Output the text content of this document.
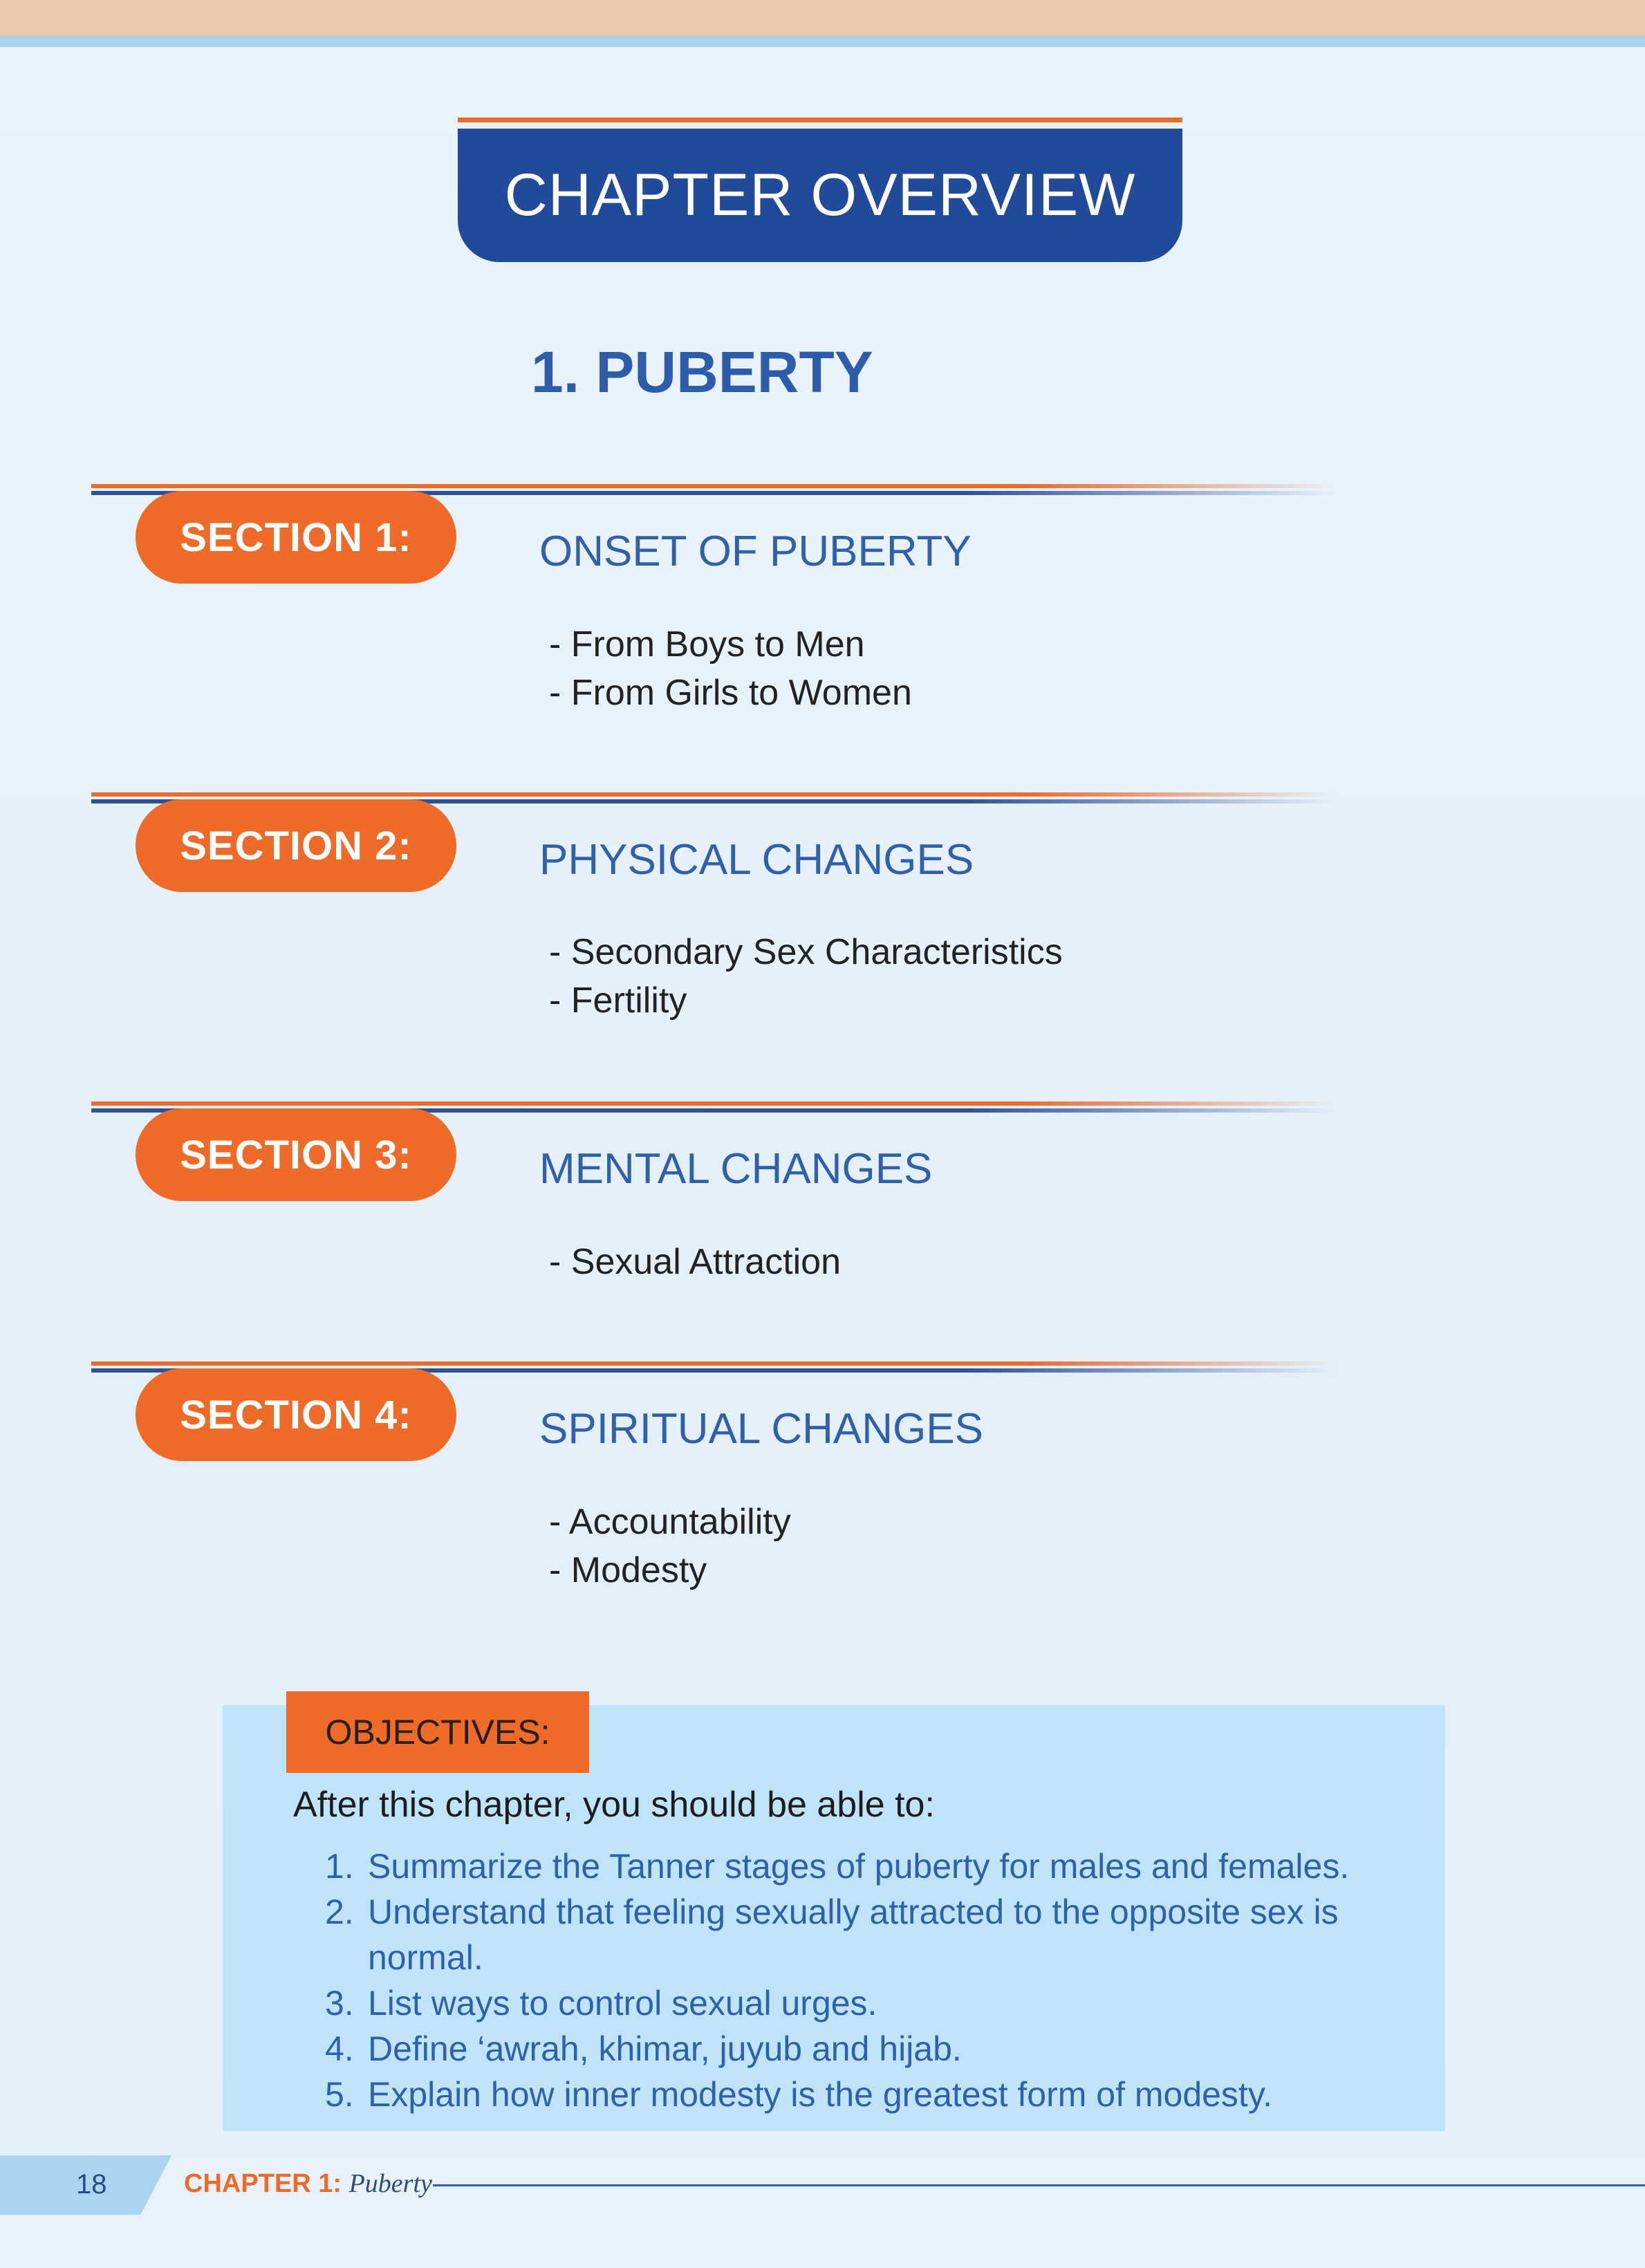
CHAPTER OVERVIEW
1. PUBERTY
SECTION 1:	ONSET OF PUBERTY
- From Boys to Men
- From Girls to Women
SECTION 2:	PHYSICAL CHANGES
- Secondary Sex Characteristics
- Fertility
SECTION 3:	MENTAL CHANGES
- Sexual Attraction
SECTION 4:	SPIRITUAL CHANGES
- Accountability
- Modesty
OBJECTIVES:
After this chapter, you should be able to:
1. Summarize the Tanner stages of puberty for males and females.
2. Understand that feeling sexually attracted to the opposite sex is normal.
3. List ways to control sexual urges.
4. Define ‘awrah, khimar, juyub and hijab.
5. Explain how inner modesty is the greatest form of modesty.
18	CHAPTER 1: Puberty
